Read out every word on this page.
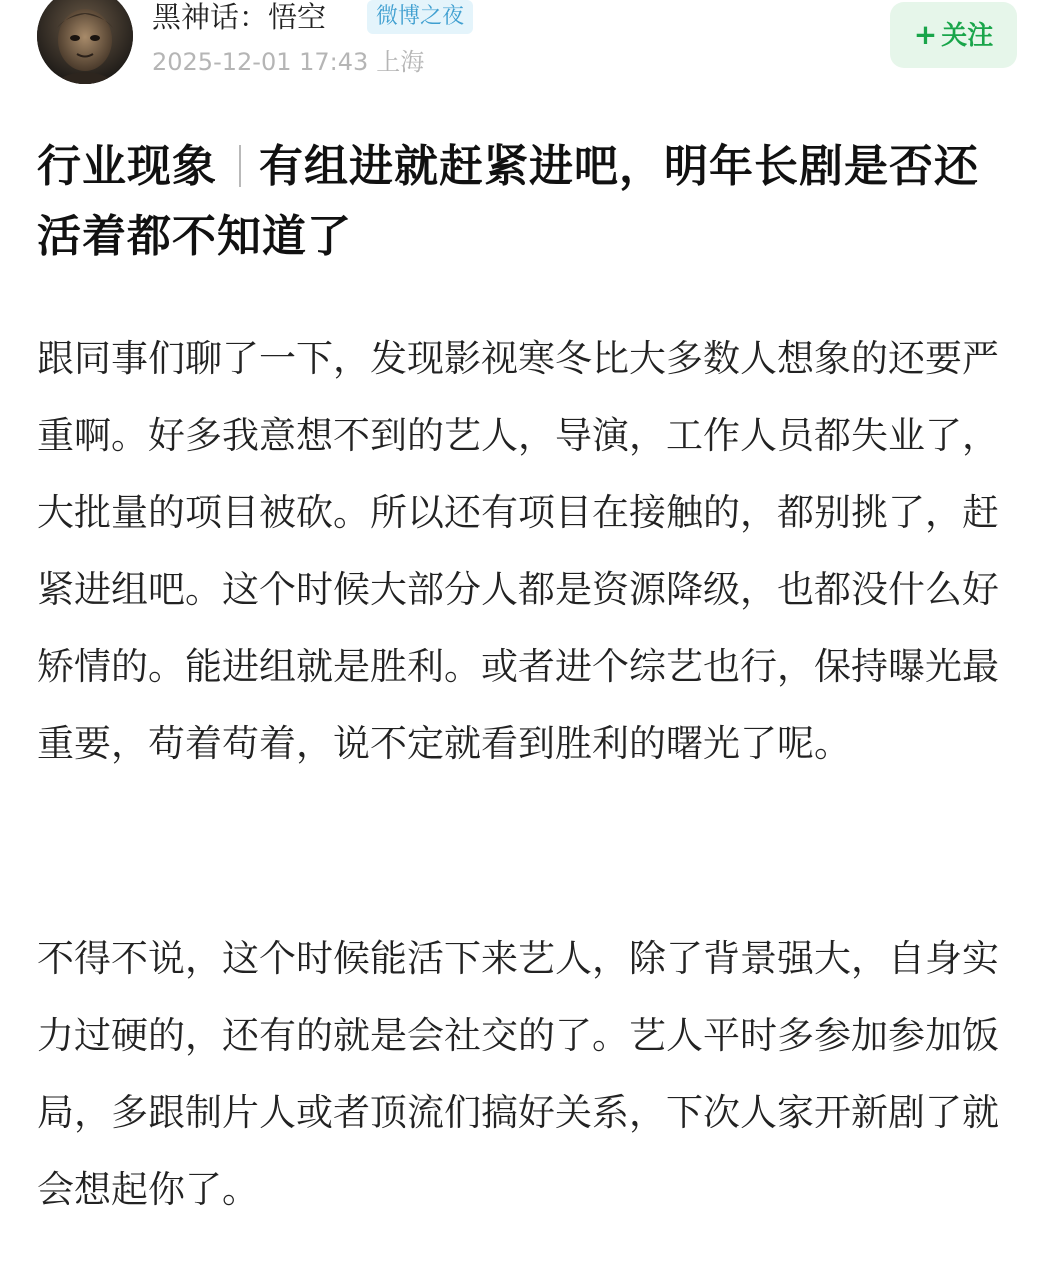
黑神话：悟空	微博之夜
2025-12-01 17:43 上海
+ 关注
行业现象 有组进就赶紧进吧，明年长剧是否还活着都不知道了

跟同事们聊了一下，发现影视寒冬比大多数人想象的还要严重啊。好多我意想不到的艺人，导演，工作人员都失业了，大批量的项目被砍。所以还有项目在接触的，都别挑了，赶紧进组吧。这个时候大部分人都是资源降级，也都没什么好矫情的。能进组就是胜利。或者进个综艺也行，保持曝光最重要，苟着苟着，说不定就看到胜利的曙光了呢。

不得不说，这个时候能活下来艺人，除了背景强大，自身实力过硬的，还有的就是会社交的了。艺人平时多参加参加饭局，多跟制片人或者顶流们搞好关系，下次人家开新剧了就会想起你了。
